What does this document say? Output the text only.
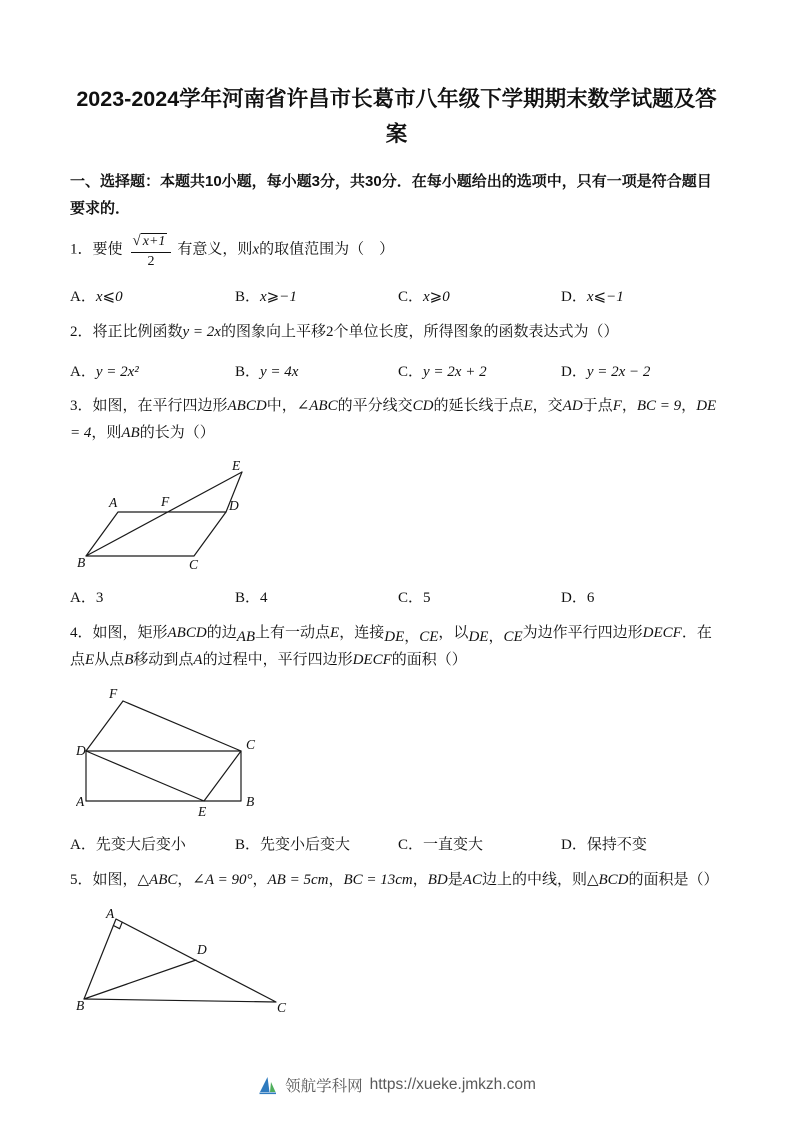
2023-2024学年河南省许昌市长葛市八年级下学期期末数学试题及答案

一、选择题：本题共10小题，每小题3分，共30分．在每小题给出的选项中，只有一项是符合题目要求的．

1．要使 $\frac{√ x+1}{2}$ 有意义，则x的取值范围为（　）
A．x⩽0	B．x⩾−1	C．x⩾0	D．x⩽−1
2．将正比例函数y = 2x的图象向上平移2个单位长度，所得图象的函数表达式为（）
A．y = 2x²	B．y = 4x	C．y = 2x + 2	D．y = 2x − 2
3．如图，在平行四边形ABCD中，∠ABC的平分线交CD的延长线于点E，交AD于点F，BC = 9，DE = 4，则AB的长为（）
E
A	F	D
B	C
A．3	B．4	C．5	D．6
4．如图，矩形ABCD的边AB上有一动点E，连接DE，CE，以DE，CE为边作平行四边形DECF．在点E从点B移动到点A的过程中，平行四边形DECF的面积（）
F
D	C
A	B
E
A．先变大后变小	B．先变小后变大	C．一直变大	D．保持不变
5．如图，△ABC，∠A = 90°，AB = 5cm，BC = 13cm，BD是AC边上的中线，则△BCD的面积是（）
A
B	C
D
领航学科网 https://xueke.jmkzh.com
